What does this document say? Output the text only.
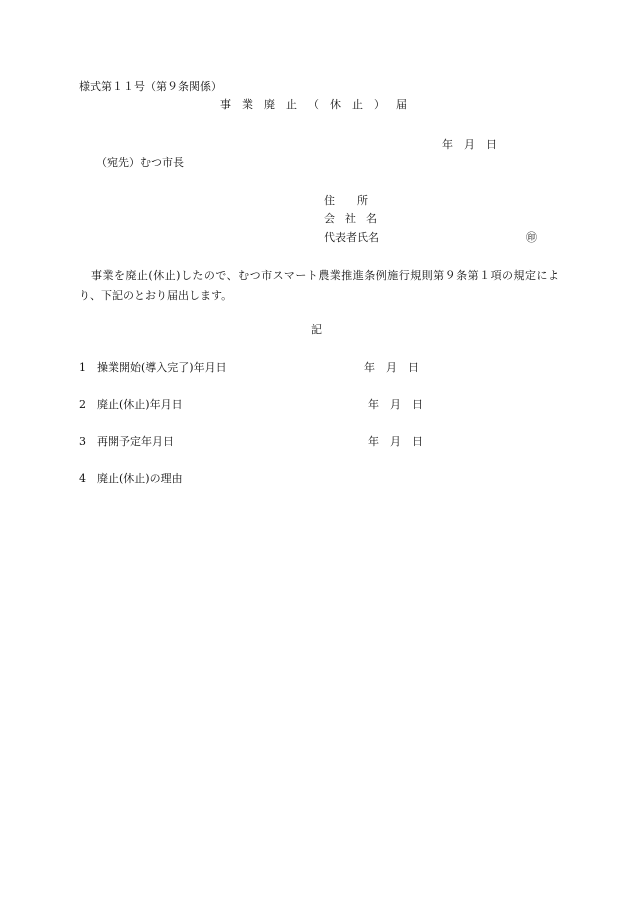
様式第１１号（第９条関係）
事業廃止（休止）届
年　月　日
（宛先）むつ市長
住所
会社名
代表者氏名	㊞
事業を廃止(休止)したので、むつ市スマート農業推進条例施行規則第９条第１項の規定により、下記のとおり届出します。
記
1　操業開始(導入完了)年月日	年　月　日
2　廃止(休止)年月日	年　月　日
3　再開予定年月日	年　月　日
4　廃止(休止)の理由
